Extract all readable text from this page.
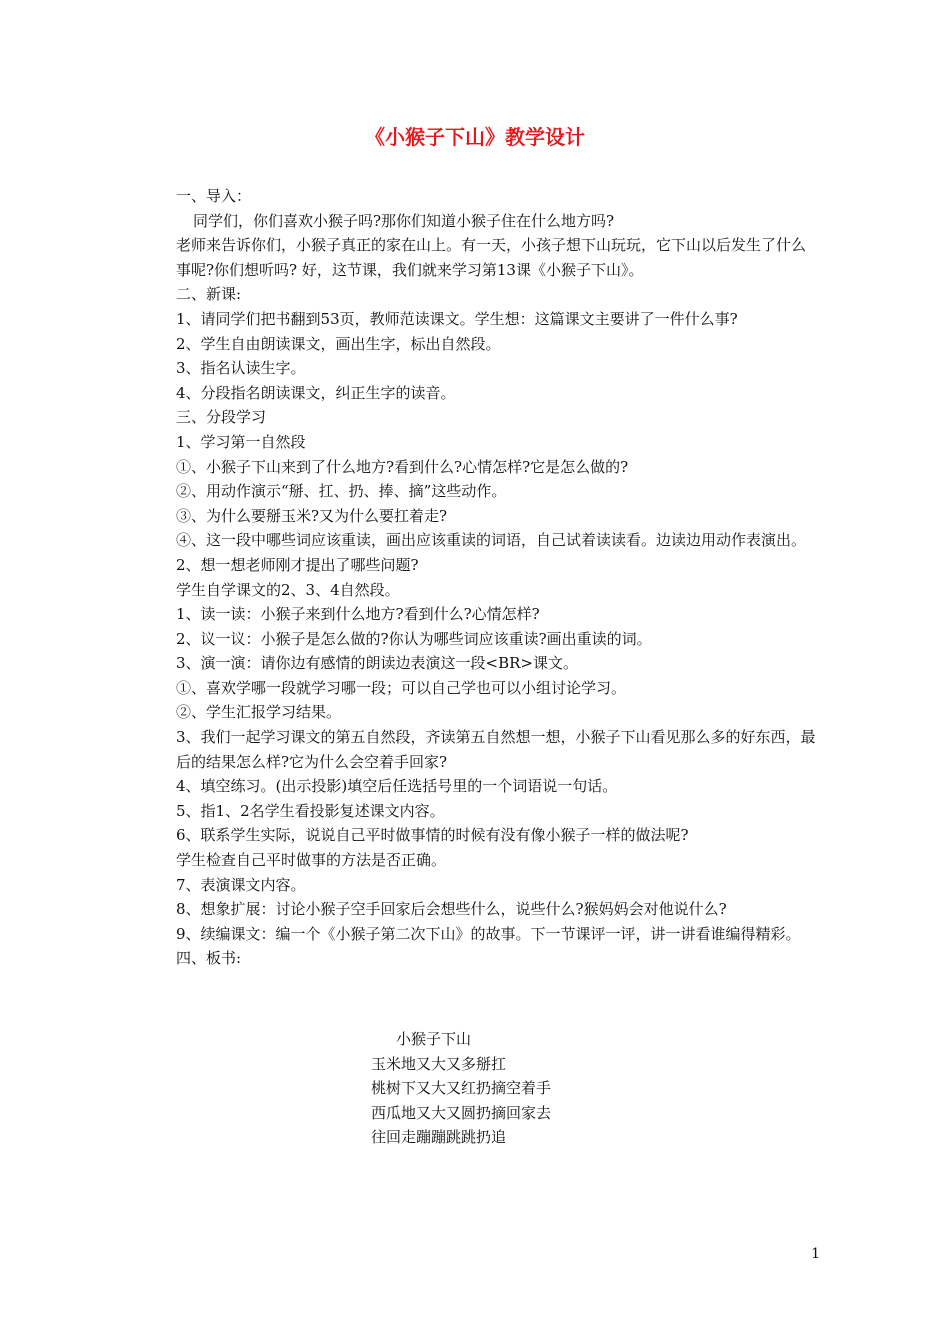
《小猴子下山》教学设计

一、导入：

同学们，你们喜欢小猴子吗?那你们知道小猴子住在什么地方吗?

老师来告诉你们，小猴子真正的家在山上。有一天，小孩子想下山玩玩，它下山以后发生了什么事呢?你们想听吗? 好，这节课，我们就来学习第13课《小猴子下山》。

二、新课:

1、请同学们把书翻到53页，教师范读课文。学生想：这篇课文主要讲了一件什么事?

2、学生自由朗读课文，画出生字，标出自然段。

3、指名认读生字。

4、分段指名朗读课文，纠正生字的读音。

三、分段学习

1、学习第一自然段

①、小猴子下山来到了什么地方?看到什么?心情怎样?它是怎么做的?

②、用动作演示“掰、扛、扔、捧、摘”这些动作。

③、为什么要掰玉米?又为什么要扛着走?

④、这一段中哪些词应该重读，画出应该重读的词语，自己试着读读看。边读边用动作表演出。

2、想一想老师刚才提出了哪些问题?

学生自学课文的2、3、4自然段。

1、读一读：小猴子来到什么地方?看到什么?心情怎样?

2、议一议：小猴子是怎么做的?你认为哪些词应该重读?画出重读的词。

3、演一演：请你边有感情的朗读边表演这一段<BR>课文。

①、喜欢学哪一段就学习哪一段；可以自己学也可以小组讨论学习。

②、学生汇报学习结果。

3、我们一起学习课文的第五自然段，齐读第五自然想一想，小猴子下山看见那么多的好东西，最后的结果怎么样?它为什么会空着手回家?

4、填空练习。(出示投影)填空后任选括号里的一个词语说一句话。

5、指1、2名学生看投影复述课文内容。

6、联系学生实际，说说自己平时做事情的时候有没有像小猴子一样的做法呢?

学生检查自己平时做事的方法是否正确。

7、表演课文内容。

8、想象扩展：讨论小猴子空手回家后会想些什么，说些什么?猴妈妈会对他说什么?

9、续编课文：编一个《小猴子第二次下山》的故事。下一节课评一评，讲一讲看谁编得精彩。

四、板书:

小猴子下山

玉米地又大又多掰扛

桃树下又大又红扔摘空着手

西瓜地又大又圆扔摘回家去

往回走蹦蹦跳跳扔追

1
